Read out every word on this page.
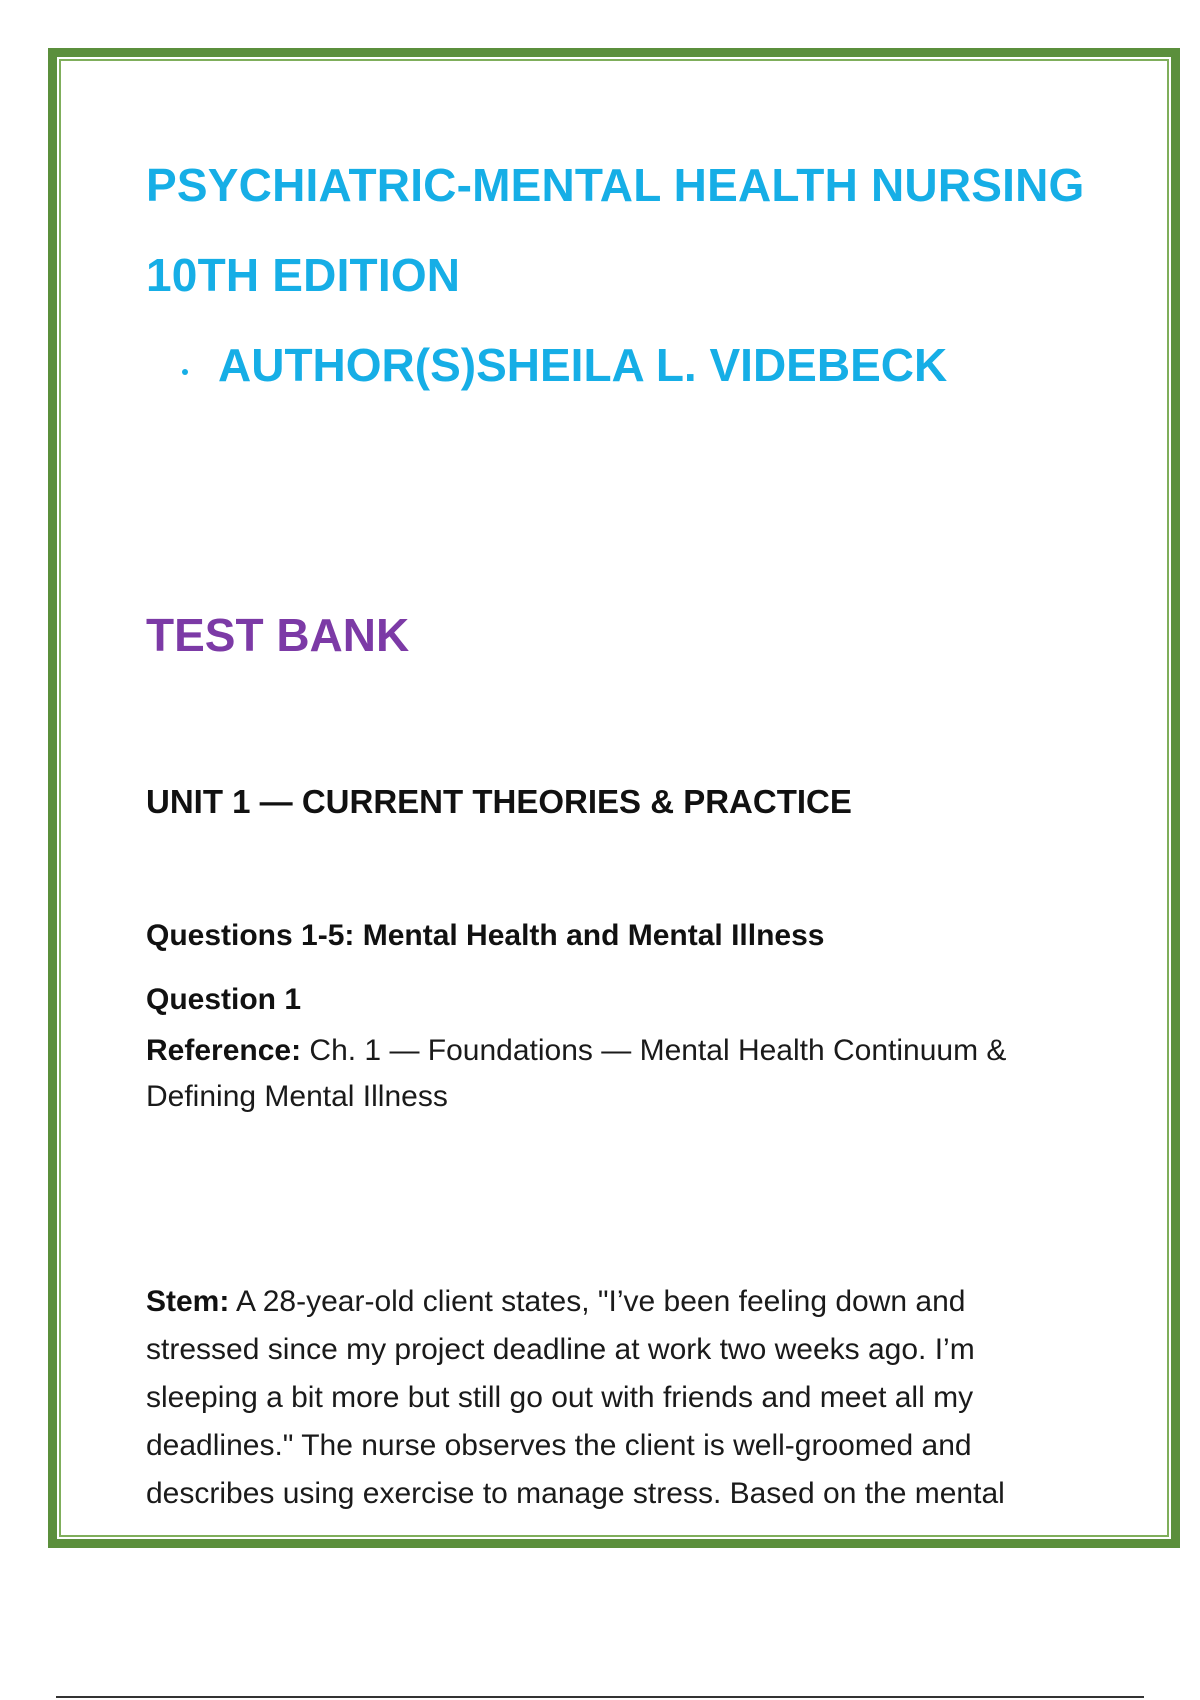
PSYCHIATRIC-MENTAL HEALTH NURSING
10TH EDITION
AUTHOR(S)SHEILA L. VIDEBECK
TEST BANK
UNIT 1 — CURRENT THEORIES & PRACTICE
Questions 1-5: Mental Health and Mental Illness
Question 1
Reference: Ch. 1 — Foundations — Mental Health Continuum &
Defining Mental Illness
Stem: A 28-year-old client states, "I’ve been feeling down and
stressed since my project deadline at work two weeks ago. I’m
sleeping a bit more but still go out with friends and meet all my
deadlines." The nurse observes the client is well-groomed and
describes using exercise to manage stress. Based on the mental
